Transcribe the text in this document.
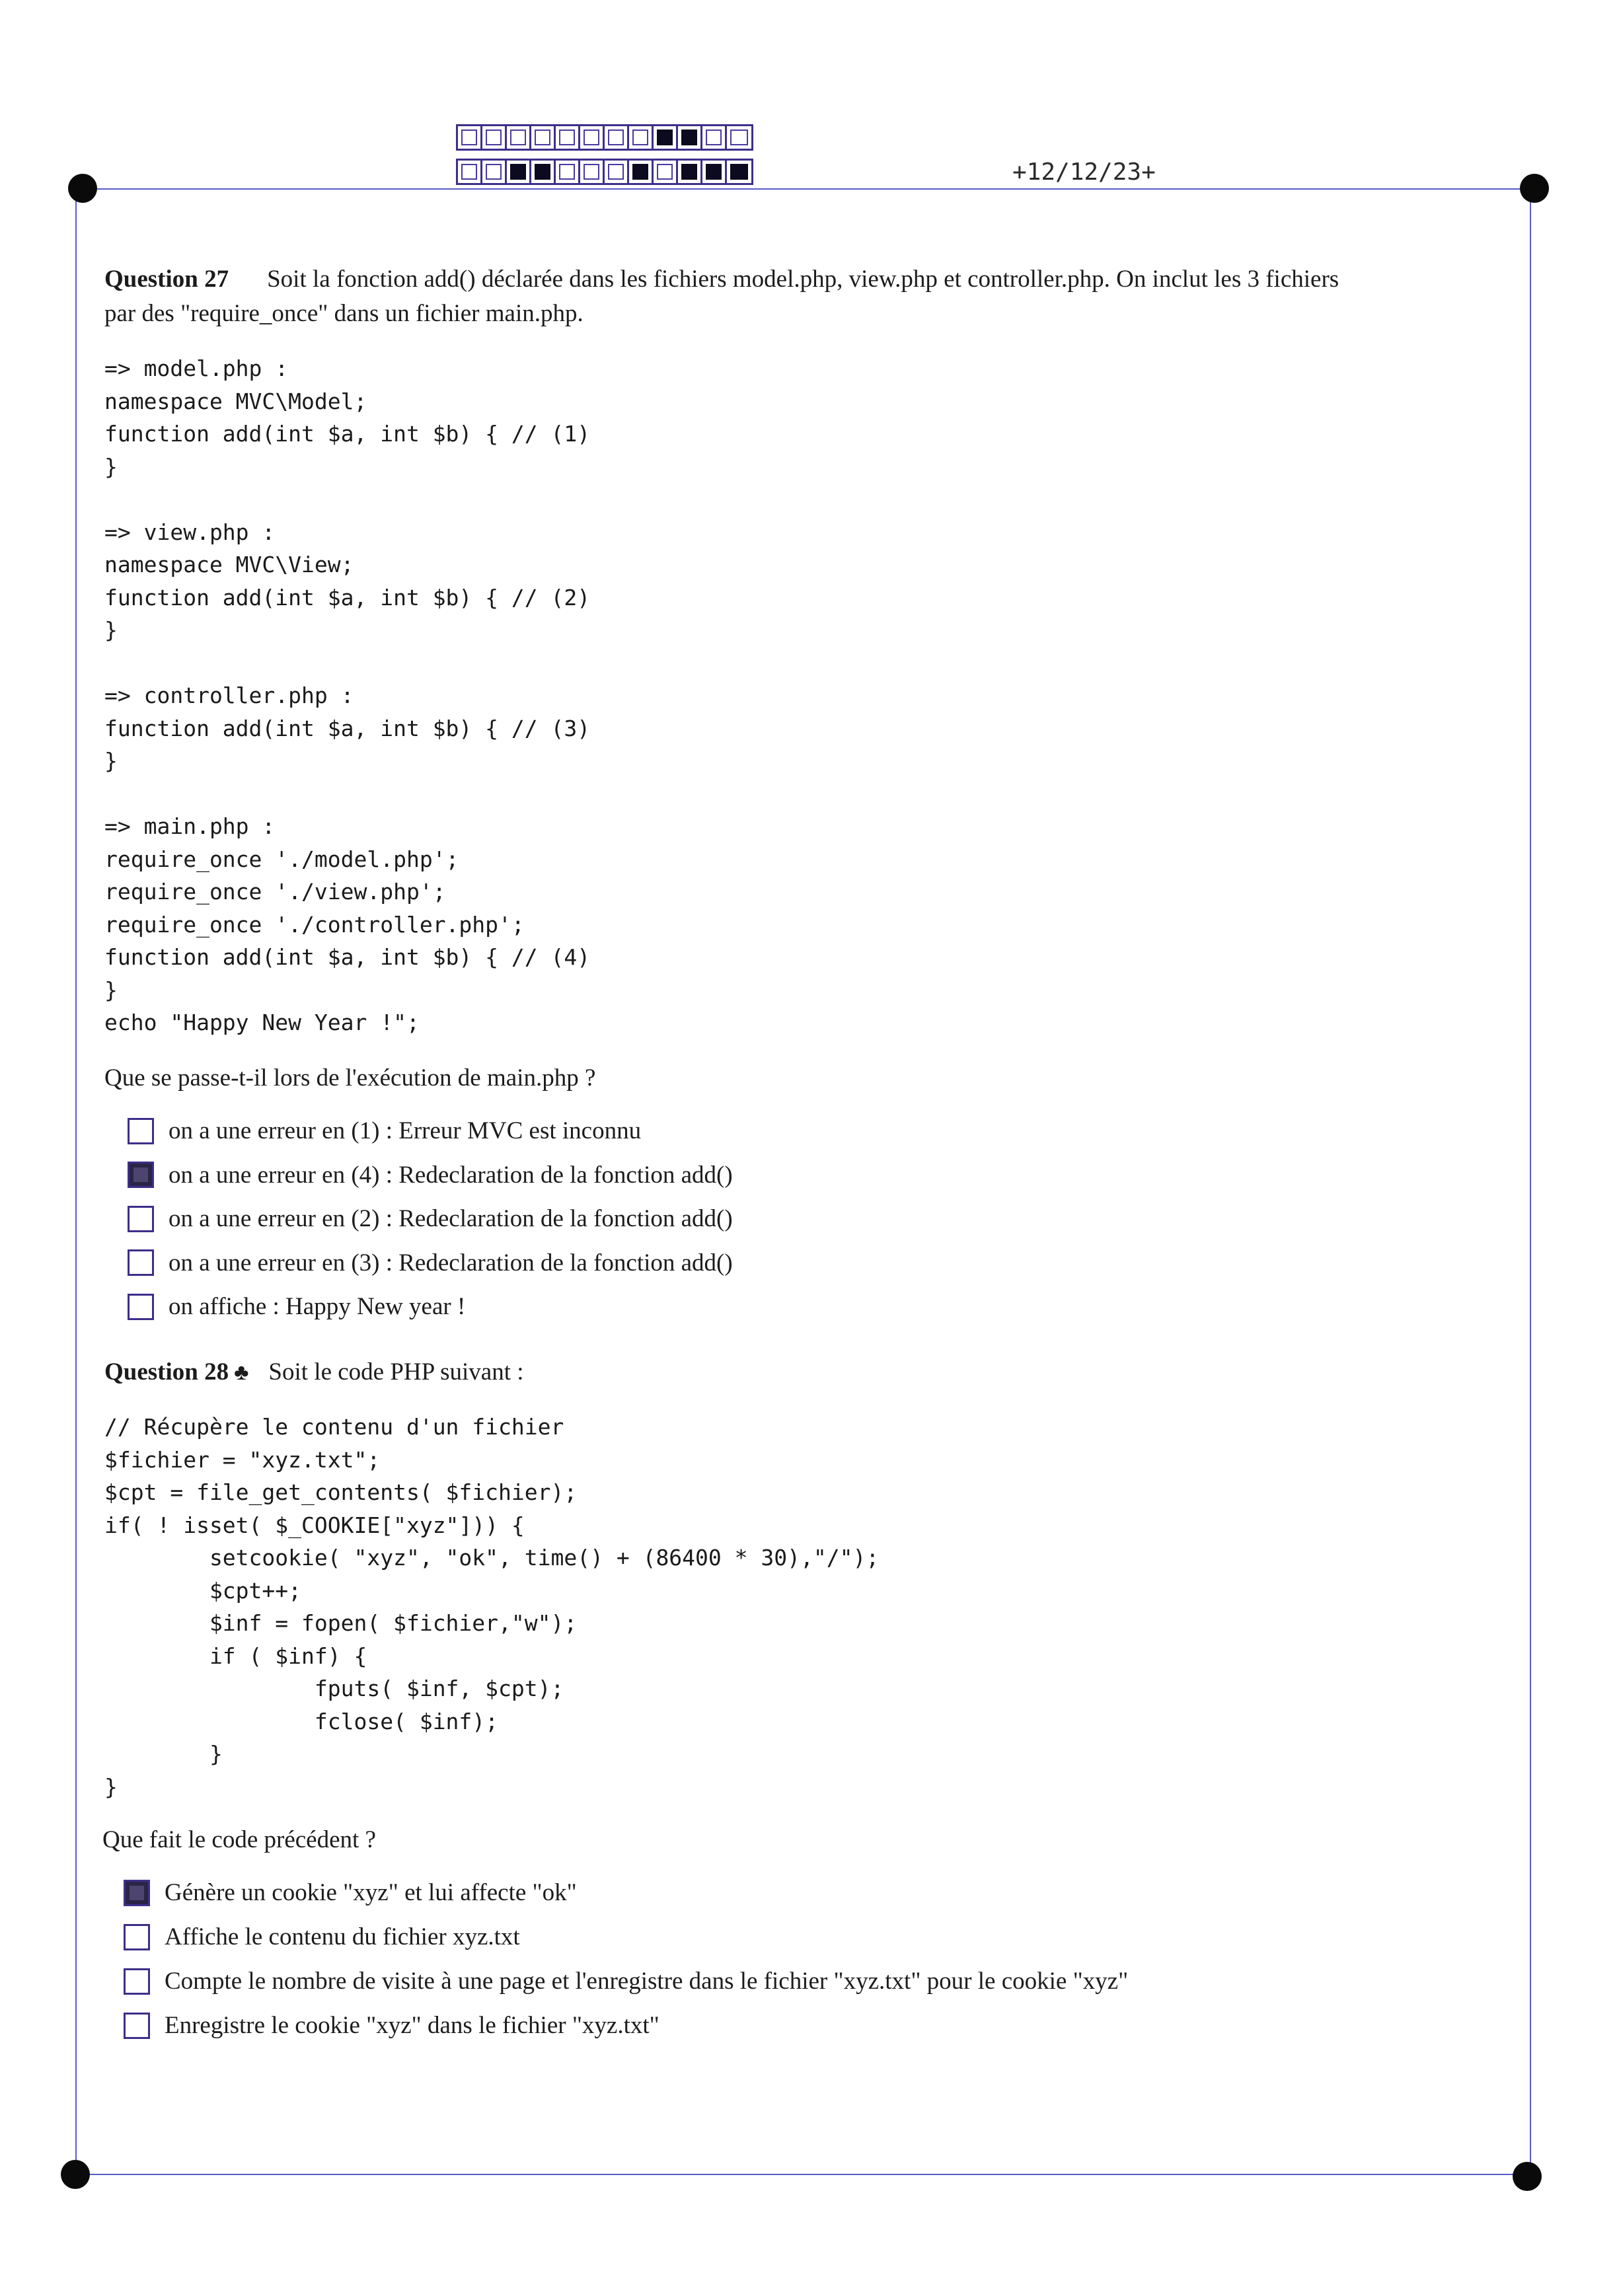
+12/12/23+
Question 27 Soit la fonction add() déclarée dans les fichiers model.php, view.php et controller.php. On inclut les 3 fichiers
par des "require_once" dans un fichier main.php.
=> model.php :
namespace MVC\Model;
function add(int $a, int $b) { // (1)
}

=> view.php :
namespace MVC\View;
function add(int $a, int $b) { // (2)
}

=> controller.php :
function add(int $a, int $b) { // (3)
}

=> main.php :
require_once './model.php';
require_once './view.php';
require_once './controller.php';
function add(int $a, int $b) { // (4)
}
echo "Happy New Year !";
Que se passe-t-il lors de l'exécution de main.php ?
on a une erreur en (1) : Erreur MVC est inconnu
on a une erreur en (4) : Redeclaration de la fonction add()
on a une erreur en (2) : Redeclaration de la fonction add()
on a une erreur en (3) : Redeclaration de la fonction add()
on affiche : Happy New year !
Question 28 ♣ Soit le code PHP suivant :
// Récupère le contenu d'un fichier
$fichier = "xyz.txt";
$cpt = file_get_contents( $fichier);
if( ! isset( $_COOKIE["xyz"])) {
setcookie( "xyz", "ok", time() + (86400 * 30),"/");
$cpt++;
$inf = fopen( $fichier,"w");
if ( $inf) {
fputs( $inf, $cpt);
fclose( $inf);
}
}
Que fait le code précédent ?
Génère un cookie "xyz" et lui affecte "ok"
Affiche le contenu du fichier xyz.txt
Compte le nombre de visite à une page et l'enregistre dans le fichier "xyz.txt" pour le cookie "xyz"
Enregistre le cookie "xyz" dans le fichier "xyz.txt"
